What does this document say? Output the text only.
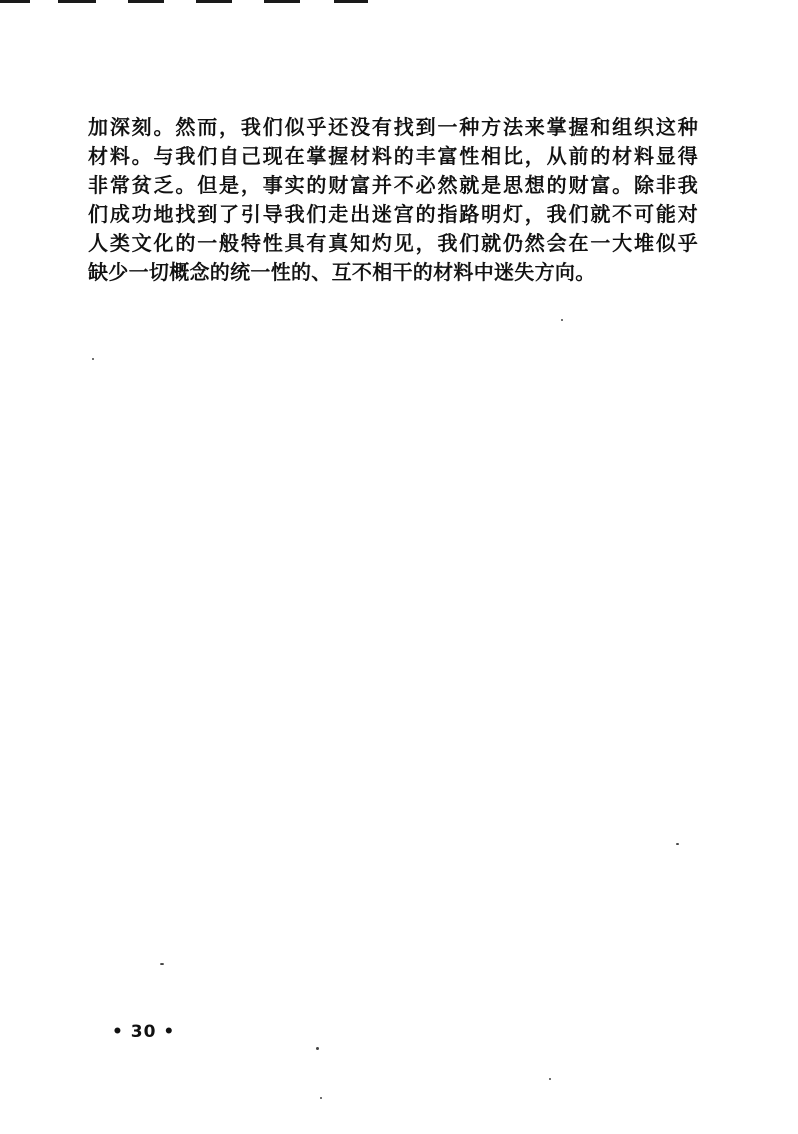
加深刻。然而，我们似乎还没有找到一种方法来掌握和组织这种
材料。与我们自己现在掌握材料的丰富性相比，从前的材料显得
非常贫乏。但是，事实的财富并不必然就是思想的财富。除非我
们成功地找到了引导我们走出迷宫的指路明灯，我们就不可能对
人类文化的一般特性具有真知灼见，我们就仍然会在一大堆似乎
缺少一切概念的统一性的、互不相干的材料中迷失方向。
• 30 •
